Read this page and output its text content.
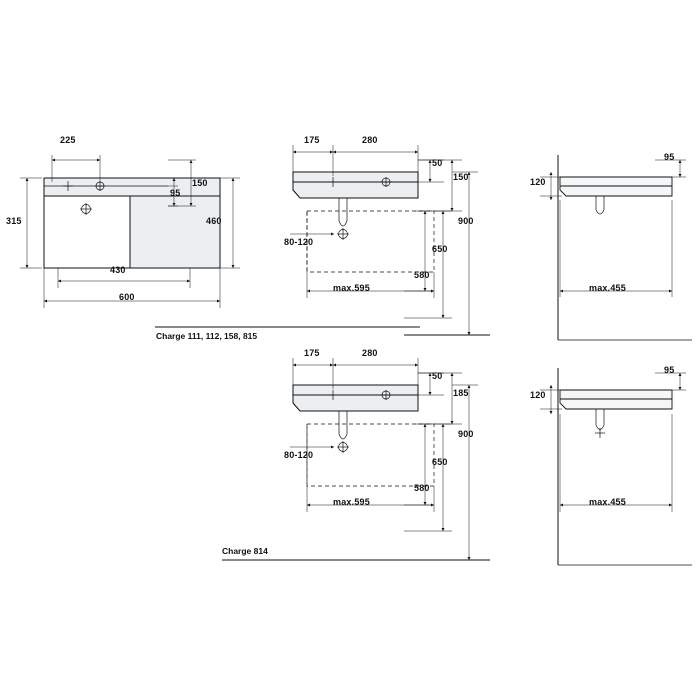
225
315
430
600
460
150
95
175	280
50
150
80-120
max.595
580
650
900
95
120
max.455
175	280
50
185
80-120
max.595
580
650
900
95
120
max.455
Charge 111, 112, 158, 815
Charge 814
